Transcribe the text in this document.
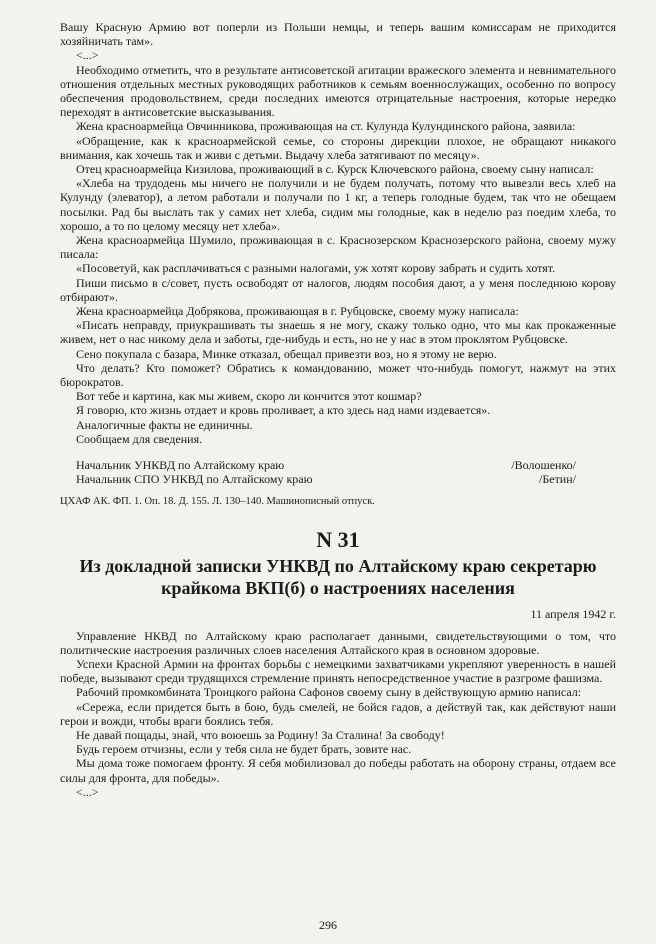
Вашу Красную Армию вот поперли из Польши немцы, и теперь вашим комиссарам не приходится хозяйничать там».

<...>

Необходимо отметить, что в результате антисоветской агитации вражеского элемента и невнимательного отношения отдельных местных руководящих работников к семьям военнослужащих, особенно по вопросу обеспечения продовольствием, среди последних имеются отрицательные настроения, которые нередко переходят в антисоветские высказывания.

Жена красноармейца Овчинникова, проживающая на ст. Кулунда Кулундинского района, заявила:

«Обращение, как к красноармейской семье, со стороны дирекции плохое, не обращают никакого внимания, как хочешь так и живи с детьми. Выдачу хлеба затягивают по месяцу».

Отец красноармейца Кизилова, проживающий в с. Курск Ключевского района, своему сыну написал:

«Хлеба на трудодень мы ничего не получили и не будем получать, потому что вывезли весь хлеб на Кулунду (элеватор), а летом работали и получали по 1 кг, а теперь голодные будем, так что не обещаем посылки. Рад бы выслать так у самих нет хлеба, сидим мы голодные, как в неделю раз поедим хлеба, то хорошо, а то по целому месяцу нет хлеба».

Жена красноармейца Шумило, проживающая в с. Краснозерском Краснозерского района, своему мужу писала:

«Посоветуй, как расплачиваться с разными налогами, уж хотят корову забрать и судить хотят.

Пиши письмо в с/совет, пусть освободят от налогов, людям пособия дают, а у меня последнюю корову отбирают».

Жена красноармейца Добрякова, проживающая в г. Рубцовске, своему мужу написала:

«Писать неправду, приукрашивать ты знаешь я не могу, скажу только одно, что мы как прокаженные живем, нет о нас никому дела и заботы, где-нибудь и есть, но не у нас в этом проклятом Рубцовске.

Сено покупала с базара, Минке отказал, обещал привезти воз, но я этому не верю.

Что делать? Кто поможет? Обратись к командованию, может что-нибудь помогут, нажмут на этих бюрократов.

Вот тебе и картина, как мы живем, скоро ли кончится этот кошмар?

Я говорю, кто жизнь отдает и кровь проливает, а кто здесь над нами издевается».

Аналогичные факты не единичны.

Сообщаем для сведения.

Начальник УНКВД по Алтайскому краю	/Волошенко/
Начальник СПО УНКВД по Алтайскому краю	/Бетин/

ЦХАФ АК. ФП. 1. Оп. 18. Д. 155. Л. 130–140. Машинописный отпуск.

N 31
Из докладной записки УНКВД по Алтайскому краю секретарю крайкома ВКП(б) о настроениях населения
11 апреля 1942 г.

Управление НКВД по Алтайскому краю располагает данными, свидетельствующими о том, что политические настроения различных слоев населения Алтайского края в основном здоровые.

Успехи Красной Армии на фронтах борьбы с немецкими захватчиками укрепляют уверенность в нашей победе, вызывают среди трудящихся стремление принять непосредственное участие в разгроме фашизма.

Рабочий промкомбината Троицкого района Сафонов своему сыну в действующую армию написал:

«Сережа, если придется быть в бою, будь смелей, не бойся гадов, а действуй так, как действуют наши герои и вожди, чтобы враги бoялись тебя.

Не давай пощады, знай, что воюешь за Родину! За Сталина! За свободу!

Будь героем отчизны, если у тебя сила не будет брать, зовите нас.

Мы дома тоже помогаем фронту. Я себя мобилизовал до победы работать на оборону страны, отдаем все силы для фронта, для победы».

<...>

296
